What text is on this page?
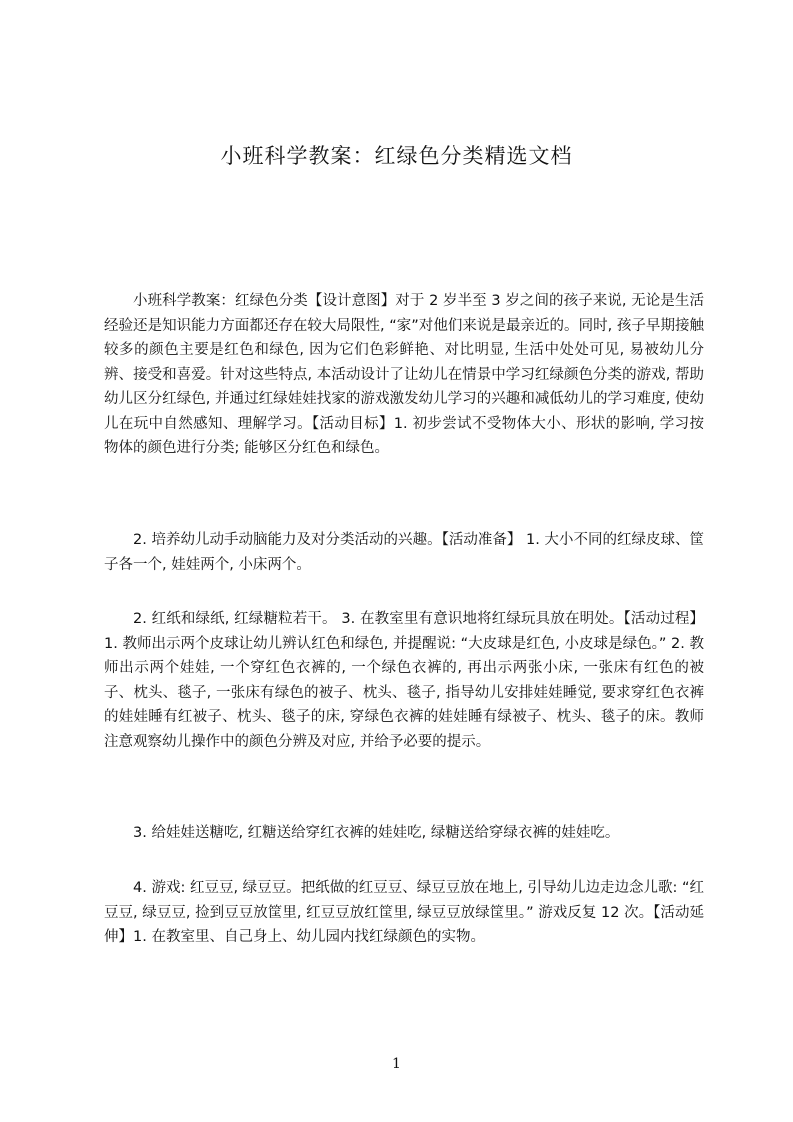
小班科学教案：红绿色分类精选文档

小班科学教案：红绿色分类【设计意图】对于 2 岁半至 3 岁之间的孩子来说, 无论是生活经验还是知识能力方面都还存在较大局限性, “家”对他们来说是最亲近的。同时, 孩子早期接触较多的颜色主要是红色和绿色, 因为它们色彩鲜艳、对比明显, 生活中处处可见, 易被幼儿分辨、接受和喜爱。针对这些特点, 本活动设计了让幼儿在情景中学习红绿颜色分类的游戏, 帮助幼儿区分红绿色, 并通过红绿娃娃找家的游戏激发幼儿学习的兴趣和减低幼儿的学习难度, 使幼儿在玩中自然感知、理解学习。【活动目标】1. 初步尝试不受物体大小、形状的影响, 学习按物体的颜色进行分类; 能够区分红色和绿色。

2. 培养幼儿动手动脑能力及对分类活动的兴趣。【活动准备】 1. 大小不同的红绿皮球、筐子各一个, 娃娃两个, 小床两个。

2. 红纸和绿纸, 红绿糖粒若干。 3. 在教室里有意识地将红绿玩具放在明处。【活动过程】1. 教师出示两个皮球让幼儿辨认红色和绿色, 并提醒说: “大皮球是红色, 小皮球是绿色。” 2. 教师出示两个娃娃, 一个穿红色衣裤的, 一个绿色衣裤的, 再出示两张小床, 一张床有红色的被子、枕头、毯子, 一张床有绿色的被子、枕头、毯子, 指导幼儿安排娃娃睡觉, 要求穿红色衣裤的娃娃睡有红被子、枕头、毯子的床, 穿绿色衣裤的娃娃睡有绿被子、枕头、毯子的床。教师注意观察幼儿操作中的颜色分辨及对应, 并给予必要的提示。

3. 给娃娃送糖吃, 红糖送给穿红衣裤的娃娃吃, 绿糖送给穿绿衣裤的娃娃吃。

4. 游戏: 红豆豆, 绿豆豆。把纸做的红豆豆、绿豆豆放在地上, 引导幼儿边走边念儿歌: “红豆豆, 绿豆豆, 捡到豆豆放筐里, 红豆豆放红筐里, 绿豆豆放绿筐里。” 游戏反复 12 次。【活动延伸】1. 在教室里、自己身上、幼儿园内找红绿颜色的实物。

1
